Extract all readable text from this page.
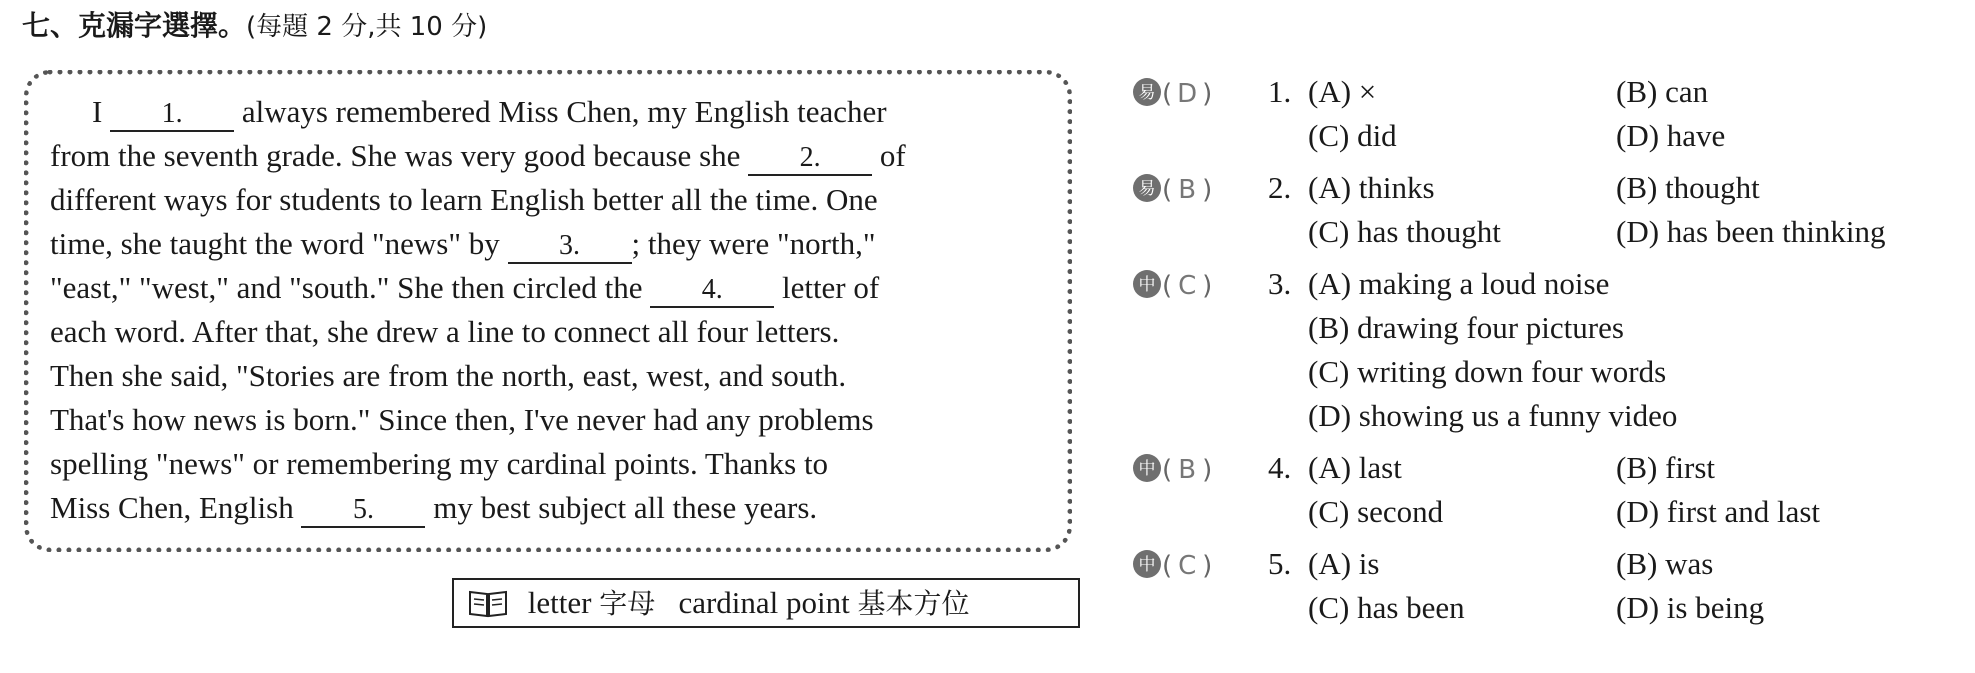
七、克漏字選擇。(每題 2 分,共 10 分)
I 1. always remembered Miss Chen, my English teacher
from the seventh grade. She was very good because she 2. of
different ways for students to learn English better all the time. One
time, she taught the word "news" by 3. ; they were "north,"
"east," "west," and "south." She then circled the 4. letter of
each word. After that, she drew a line to connect all four letters.
Then she said, "Stories are from the north, east, west, and south.
That's how news is born." Since then, I've never had any problems
spelling "news" or remembering my cardinal points. Thanks to
Miss Chen, English 5. my best subject all these years.
letter 字母 cardinal point 基本方位
易 ( D ) 1. (A) ×	(B) can
(C) did	(D) have
易 ( B ) 2. (A) thinks	(B) thought
(C) has thought	(D) has been thinking
中 ( C ) 3. (A) making a loud noise
(B) drawing four pictures
(C) writing down four words
(D) showing us a funny video
中 ( B ) 4. (A) last	(B) first
(C) second	(D) first and last
中 ( C ) 5. (A) is	(B) was
(C) has been	(D) is being
